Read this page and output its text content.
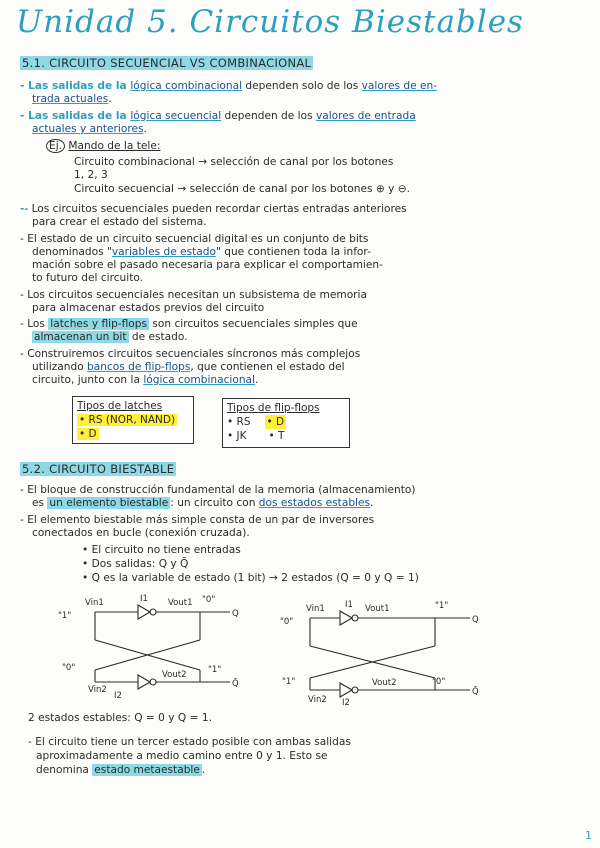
Unidad 5. Circuitos Biestables
5.1. CIRCUITO SECUENCIAL VS COMBINACIONAL
- Las salidas de la lógica combinacional dependen solo de los valores de en-
trada actuales.
- Las salidas de la lógica secuencial dependen de los valores de entrada
actuales y anteriores.
Ej. Mando de la tele:
Circuito combinacional → selección de canal por los botones
1, 2, 3
Circuito secuencial → selección de canal por los botones ⊕ y ⊖.
-- Los circuitos secuenciales pueden recordar ciertas entradas anteriores
para crear el estado del sistema.
- El estado de un circuito secuencial digital es un conjunto de bits
denominados "variables de estado" que contienen toda la infor-
mación sobre el pasado necesaria para explicar el comportamien-
to futuro del circuito.
- Los circuitos secuenciales necesitan un subsistema de memoria
para almacenar estados previos del circuito
- Los latches y flip-flops son circuitos secuenciales simples que
almacenan un bit de estado.
- Construiremos circuitos secuenciales síncronos más complejos
utilizando bancos de flip-flops, que contienen el estado del
circuito, junto con la lógica combinacional.
Tipos de latches
• RS (NOR, NAND)
• D
Tipos de flip-flops
• RS • D
• JK • T
5.2. CIRCUITO BIESTABLE
- El bloque de construcción fundamental de la memoria (almacenamiento)
es un elemento biestable : un circuito con dos estados estables.
- El elemento biestable más simple consta de un par de inversores
conectados en bucle (conexión cruzada).
• El circuito no tiene entradas
• Dos salidas: Q y Q̄
• Q es la variable de estado (1 bit) → 2 estados (Q = 0 y Q = 1)
Vin1	I1 Vout1 "0"
Q
"1"
"0"
Vin2
I2
Vout2	"1"
Q̄
Vin1 I1 Vout1	"1"
Q
"0"
"1"
Vin2 I2
Vout2	"0"
Q̄
2 estados estables: Q = 0 y Q = 1.
- El circuito tiene un tercer estado posible con ambas salidas
aproximadamente a medio camino entre 0 y 1. Esto se
denomina estado metaestable .
1
